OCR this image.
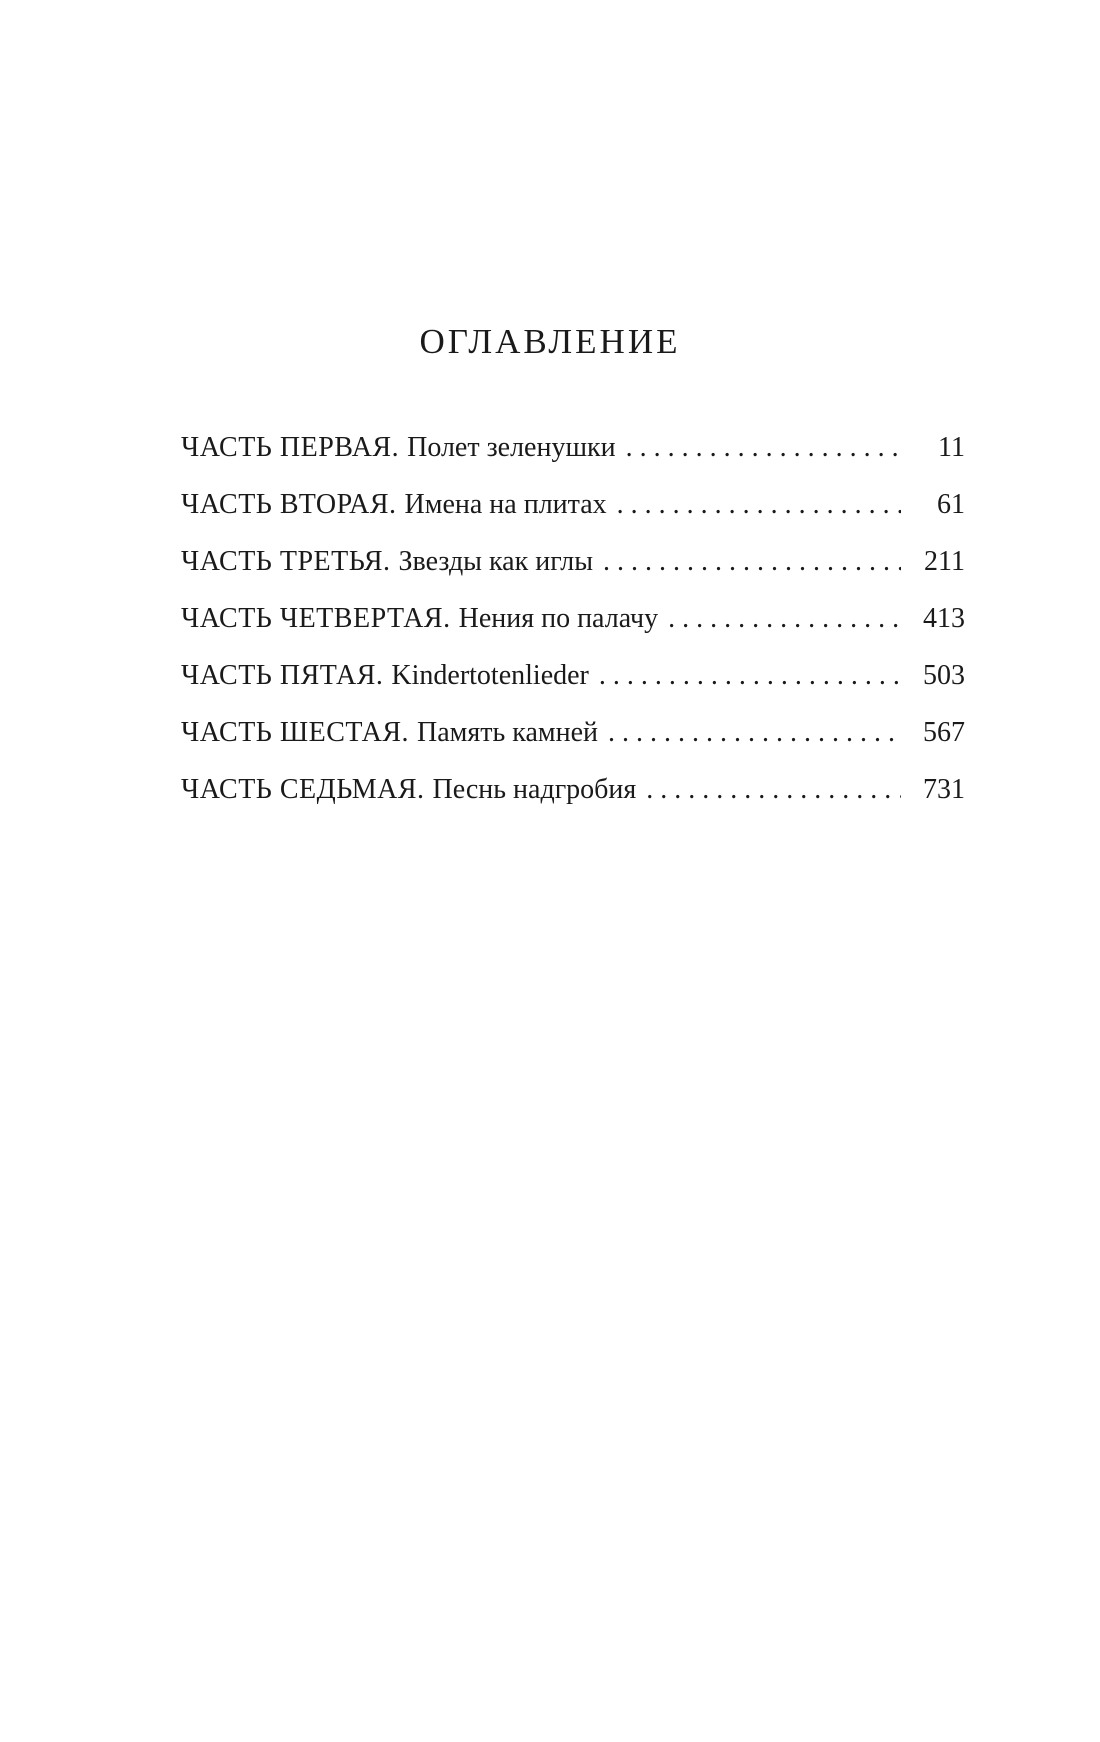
ОГЛАВЛЕНИЕ
ЧАСТЬ ПЕРВАЯ. Полет зеленушки . . .	11
ЧАСТЬ ВТОРАЯ. Имена на плитах . . .	61
ЧАСТЬ ТРЕТЬЯ. Звезды как иглы . . .	211
ЧАСТЬ ЧЕТВЕРТАЯ. Нения по палачу . . .	413
ЧАСТЬ ПЯТАЯ. Kindertotenlieder . . .	503
ЧАСТЬ ШЕСТАЯ. Память камней . . .	567
ЧАСТЬ СЕДЬМАЯ. Песнь надгробия . . .	731
